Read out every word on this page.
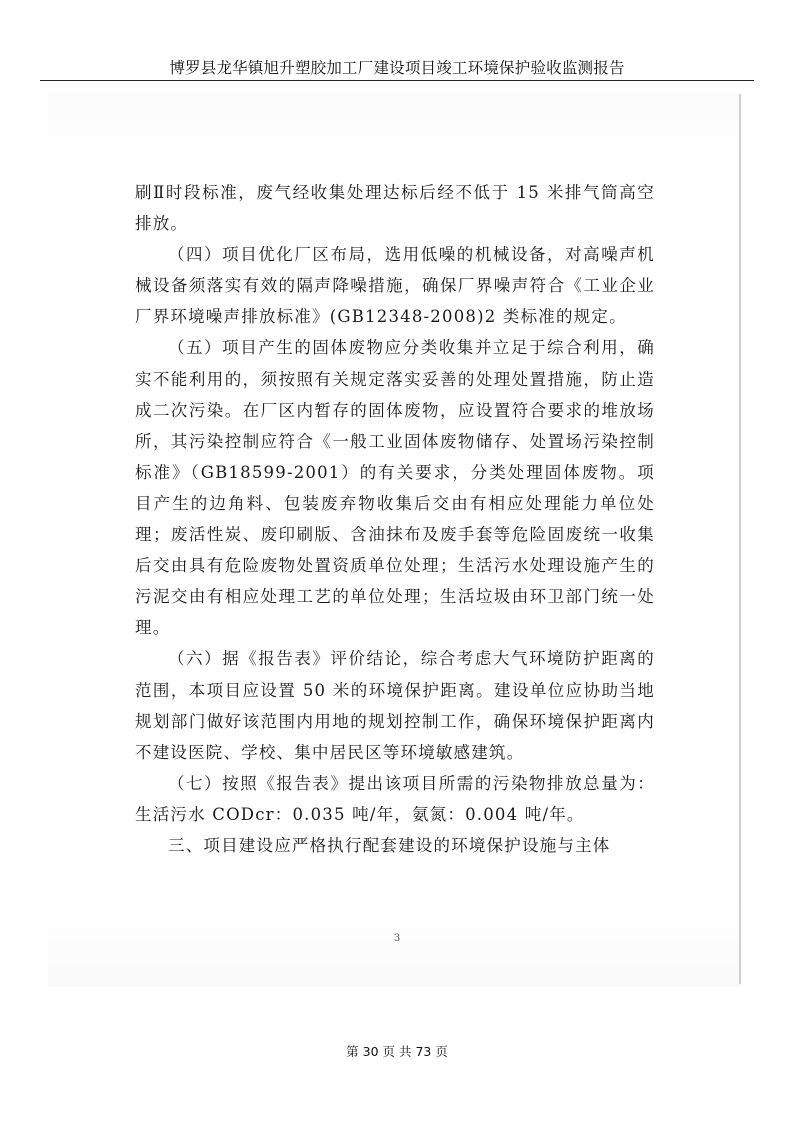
博罗县龙华镇旭升塑胶加工厂建设项目竣工环境保护验收监测报告

刷Ⅱ时段标准，废气经收集处理达标后经不低于 15 米排气筒高空排放。

（四）项目优化厂区布局，选用低噪的机械设备，对高噪声机械设备须落实有效的隔声降噪措施，确保厂界噪声符合《工业企业厂界环境噪声排放标准》(GB12348-2008)2 类标准的规定。

（五）项目产生的固体废物应分类收集并立足于综合利用，确实不能利用的，须按照有关规定落实妥善的处理处置措施，防止造成二次污染。在厂区内暂存的固体废物，应设置符合要求的堆放场所，其污染控制应符合《一般工业固体废物储存、处置场污染控制标准》（GB18599-2001）的有关要求，分类处理固体废物。项目产生的边角料、包装废弃物收集后交由有相应处理能力单位处理；废活性炭、废印刷版、含油抹布及废手套等危险固废统一收集后交由具有危险废物处置资质单位处理；生活污水处理设施产生的污泥交由有相应处理工艺的单位处理；生活垃圾由环卫部门统一处理。

（六）据《报告表》评价结论，综合考虑大气环境防护距离的范围，本项目应设置 50 米的环境保护距离。建设单位应协助当地规划部门做好该范围内用地的规划控制工作，确保环境保护距离内不建设医院、学校、集中居民区等环境敏感建筑。

（七）按照《报告表》提出该项目所需的污染物排放总量为：生活污水 CODcr：0.035 吨/年，氨氮：0.004 吨/年。

三、项目建设应严格执行配套建设的环境保护设施与主体

3
第 30 页 共 73 页
